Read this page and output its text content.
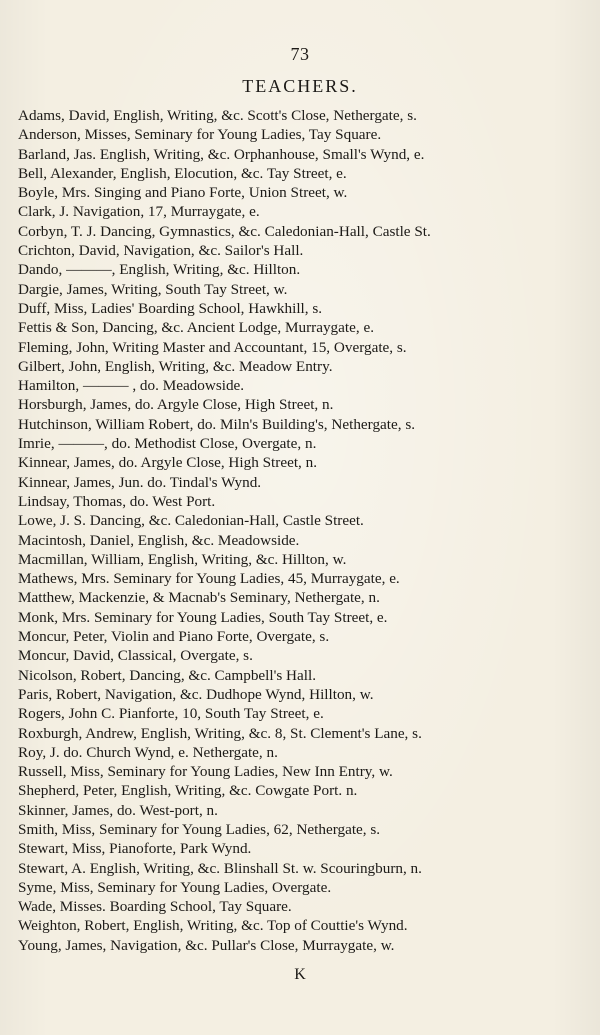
73
TEACHERS.
Adams, David, English, Writing, &c. Scott's Close, Nethergate, s.
Anderson, Misses, Seminary for Young Ladies, Tay Square.
Barland, Jas. English, Writing, &c. Orphanhouse, Small's Wynd, e.
Bell, Alexander, English, Elocution, &c. Tay Street, e.
Boyle, Mrs. Singing and Piano Forte, Union Street, w.
Clark, J. Navigation, 17, Murraygate, e.
Corbyn, T. J. Dancing, Gymnastics, &c. Caledonian-Hall, Castle St.
Crichton, David, Navigation, &c. Sailor's Hall.
Dando, ———, English, Writing, &c. Hillton.
Dargie, James, Writing, South Tay Street, w.
Duff, Miss, Ladies' Boarding School, Hawkhill, s.
Fettis & Son, Dancing, &c. Ancient Lodge, Murraygate, e.
Fleming, John, Writing Master and Accountant, 15, Overgate, s.
Gilbert, John, English, Writing, &c. Meadow Entry.
Hamilton, ——— , do. Meadowside.
Horsburgh, James, do. Argyle Close, High Street, n.
Hutchinson, William Robert, do. Miln's Building's, Nethergate, s.
Imrie, ———, do. Methodist Close, Overgate, n.
Kinnear, James, do. Argyle Close, High Street, n.
Kinnear, James, Jun. do. Tindal's Wynd.
Lindsay, Thomas, do. West Port.
Lowe, J. S. Dancing, &c. Caledonian-Hall, Castle Street.
Macintosh, Daniel, English, &c. Meadowside.
Macmillan, William, English, Writing, &c. Hillton, w.
Mathews, Mrs. Seminary for Young Ladies, 45, Murraygate, e.
Matthew, Mackenzie, & Macnab's Seminary, Nethergate, n.
Monk, Mrs. Seminary for Young Ladies, South Tay Street, e.
Moncur, Peter, Violin and Piano Forte, Overgate, s.
Moncur, David, Classical, Overgate, s.
Nicolson, Robert, Dancing, &c. Campbell's Hall.
Paris, Robert, Navigation, &c. Dudhope Wynd, Hillton, w.
Rogers, John C. Pianforte, 10, South Tay Street, e.
Roxburgh, Andrew, English, Writing, &c. 8, St. Clement's Lane, s.
Roy, J. do. Church Wynd, e. Nethergate, n.
Russell, Miss, Seminary for Young Ladies, New Inn Entry, w.
Shepherd, Peter, English, Writing, &c. Cowgate Port. n.
Skinner, James, do. West-port, n.
Smith, Miss, Seminary for Young Ladies, 62, Nethergate, s.
Stewart, Miss, Pianoforte, Park Wynd.
Stewart, A. English, Writing, &c. Blinshall St. w. Scouringburn, n.
Syme, Miss, Seminary for Young Ladies, Overgate.
Wade, Misses. Boarding School, Tay Square.
Weighton, Robert, English, Writing, &c. Top of Couttie's Wynd.
Young, James, Navigation, &c. Pullar's Close, Murraygate, w.
K
